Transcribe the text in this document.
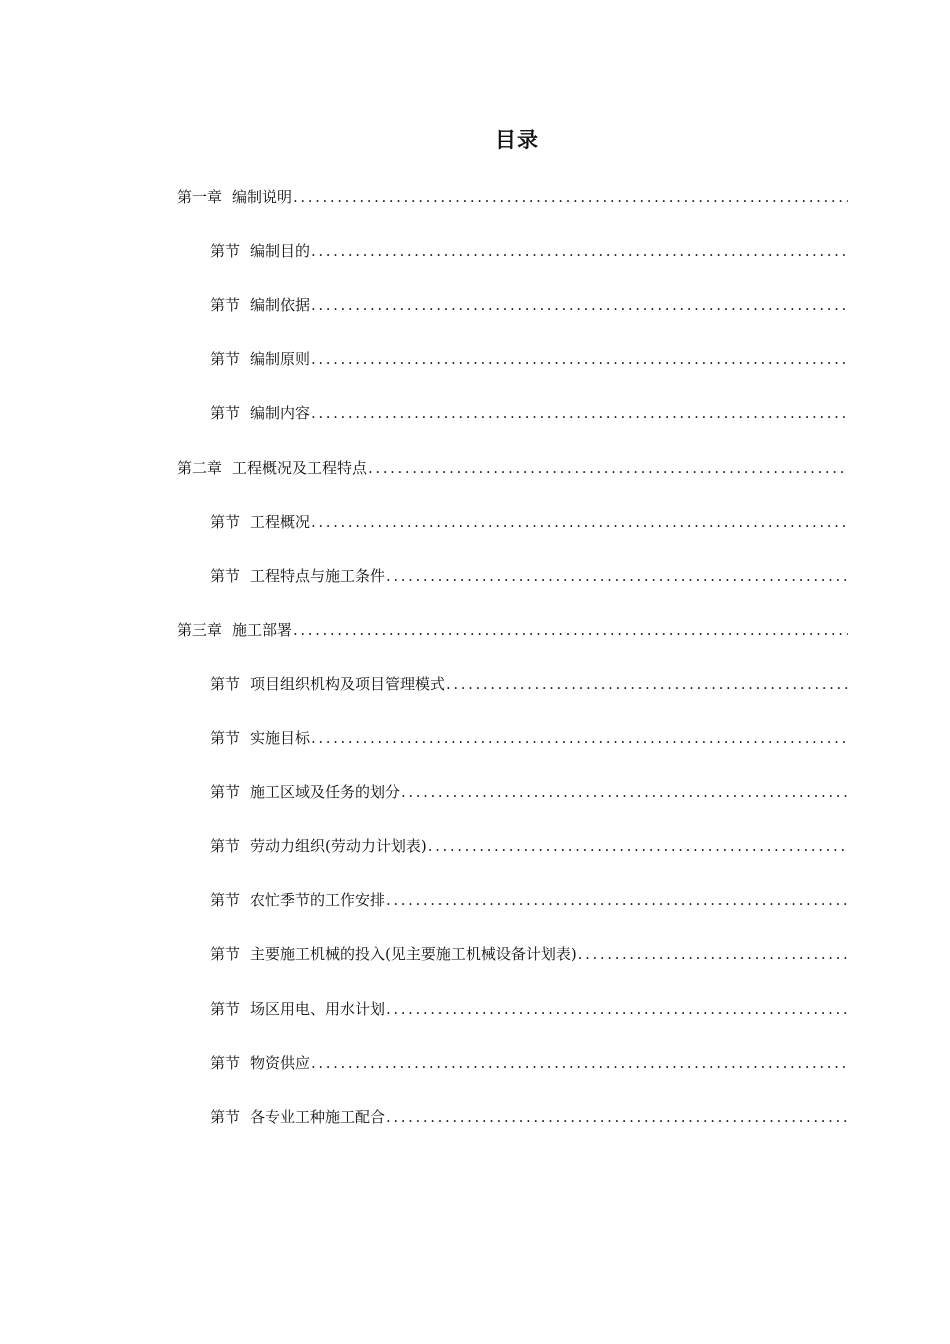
目录
第一章 编制说明
.....
第节 编制目的
.....
第节 编制依据
.....
第节 编制原则
.....
第节 编制内容
.....
第二章 工程概况及工程特点
.....
第节 工程概况
.....
第节 工程特点与施工条件
.....
第三章 施工部署
.....
第节 项目组织机构及项目管理模式
.....
第节 实施目标
.....
第节 施工区域及任务的划分
.....
第节 劳动力组织(劳动力计划表)
.....
第节 农忙季节的工作安排
.....
第节 主要施工机械的投入(见主要施工机械设备计划表)
.....
第节 场区用电、用水计划
.....
第节 物资供应
.....
第节 各专业工种施工配合
.....
